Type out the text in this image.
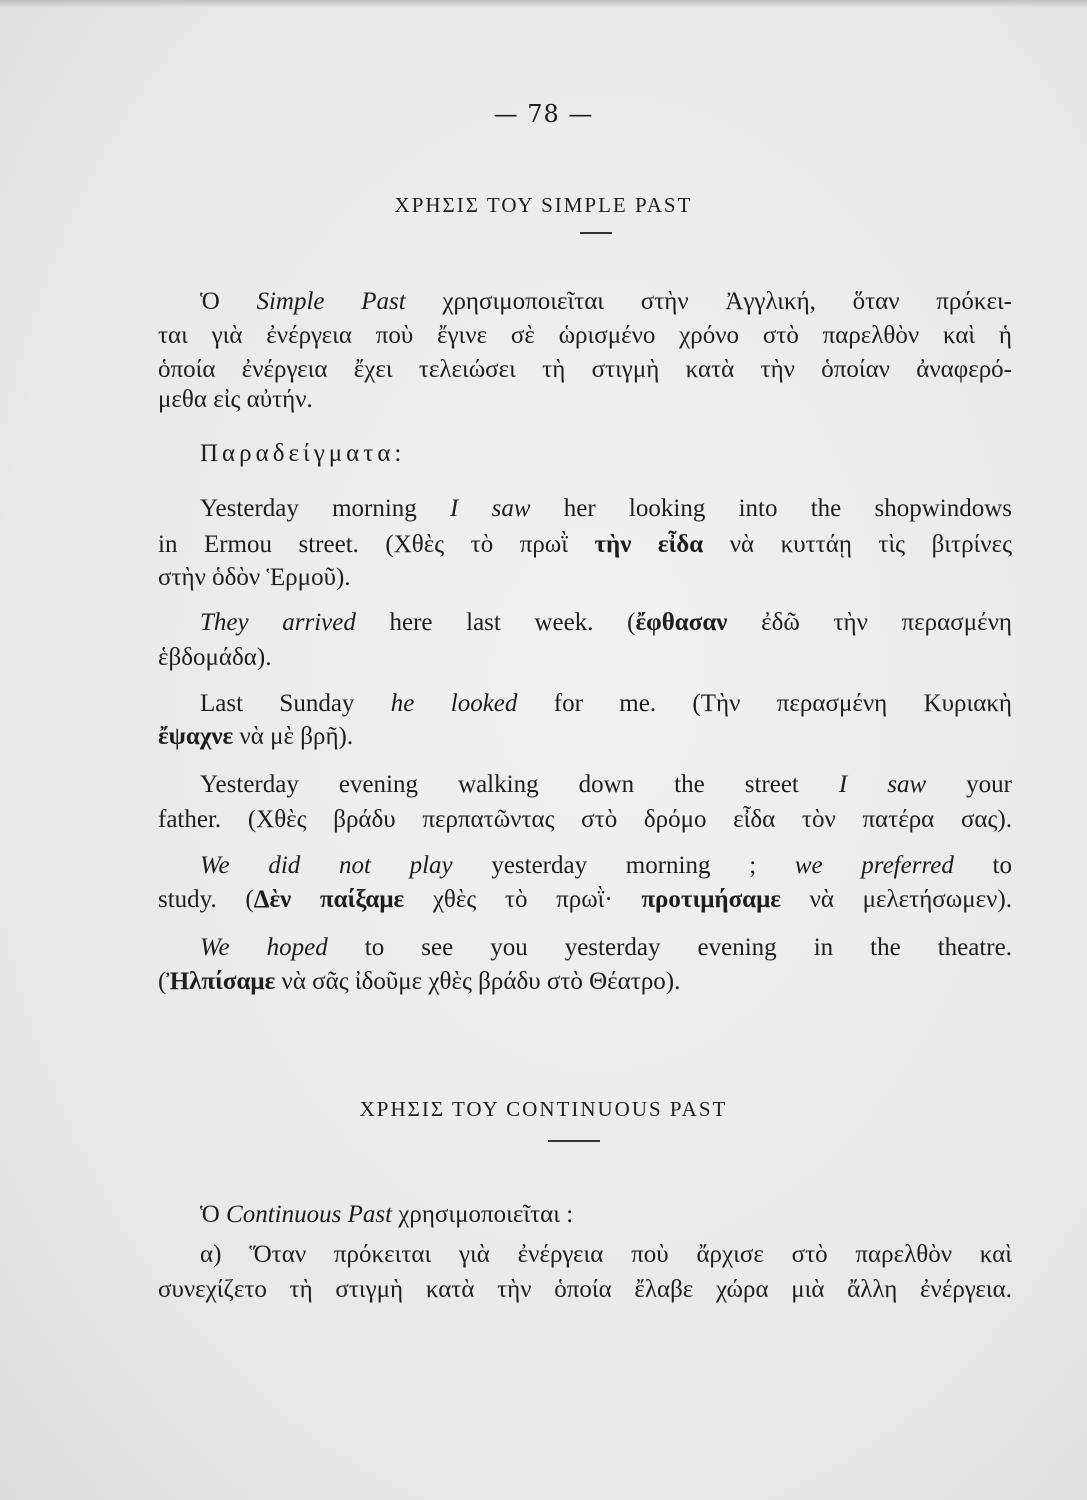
— 78 —
ΧΡΗΣΙΣ ΤΟΥ SIMPLE PAST
Ὁ Simple Past χρησιμοποιεῖται στὴν Ἀγγλική, ὅταν πρόκει-
ται γιὰ ἐνέργεια ποὺ ἔγινε σὲ ὡρισμένο χρόνο στὸ παρελθὸν καὶ ἡ
ὁποία ἐνέργεια ἔχει τελειώσει τὴ στιγμὴ κατὰ τὴν ὁποίαν ἀναφερό-
μεθα εἰς αὐτήν.
Παραδείγματα:
Yesterday morning I saw her looking into the shopwindows
in Ermou street. (Χθὲς τὸ πρωῒ τὴν εἶδα νὰ κυττάῃ τὶς βιτρίνες
στὴν ὁδὸν Ἑρμοῦ).
They arrived here last week. (ἔφθασαν ἐδῶ τὴν περασμένη
ἑβδομάδα).
Last Sunday he looked for me. (Τὴν περασμένη Κυριακὴ
ἔψαχνε νὰ μὲ βρῆ).
Yesterday evening walking down the street I saw your
father. (Χθὲς βράδυ περπατῶντας στὸ δρόμο εἶδα τὸν πατέρα σας).
We did not play yesterday morning ; we preferred to
study. (Δὲν παίξαμε χθὲς τὸ πρωῒ· προτιμήσαμε νὰ μελετήσωμεν).
We hoped to see you yesterday evening in the theatre.
(Ἠλπίσαμε νὰ σᾶς ἰδοῦμε χθὲς βράδυ στὸ Θέατρο).
ΧΡΗΣΙΣ ΤΟΥ CONTINUOUS PAST
Ὁ Continuous Past χρησιμοποιεῖται :
α) Ὅταν πρόκειται γιὰ ἐνέργεια ποὺ ἄρχισε στὸ παρελθὸν καὶ
συνεχίζετο τὴ στιγμὴ κατὰ τὴν ὁποία ἔλαβε χώρα μιὰ ἄλλη ἐνέργεια.
